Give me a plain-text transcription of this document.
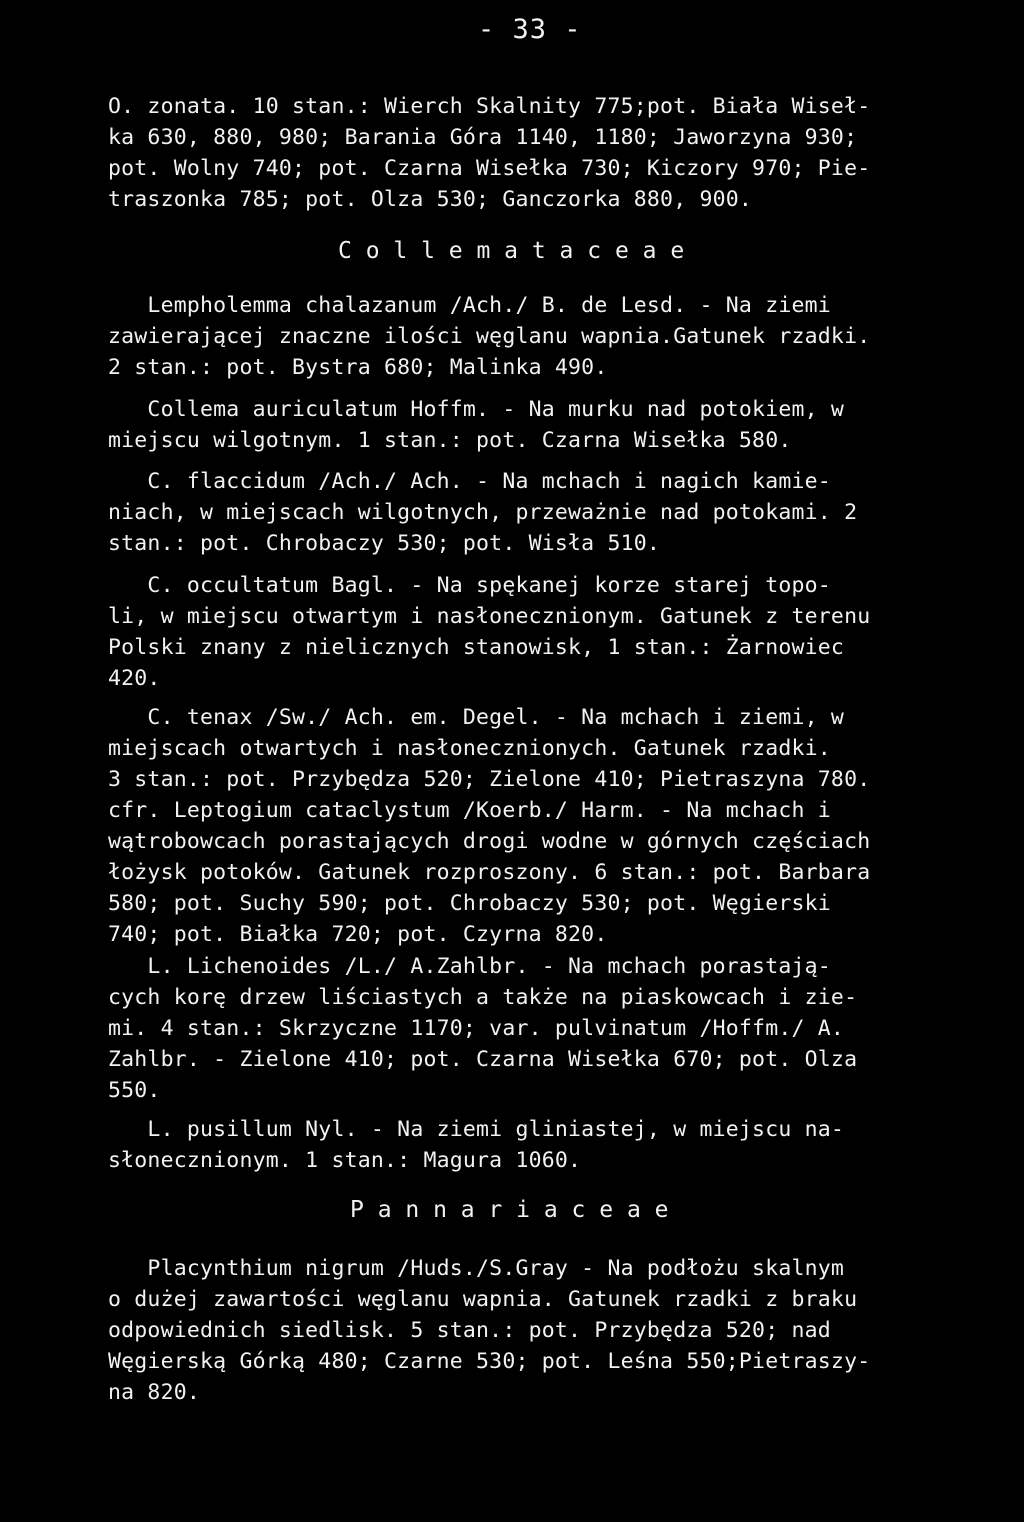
- 33 -
O. zonata. 10 stan.: Wierch Skalnity 775;pot. Biała Wiseł-
ka 630, 880, 980; Barania Góra 1140, 1180; Jaworzyna 930;
pot. Wolny 740; pot. Czarna Wisełka 730; Kiczory 970; Pie-
traszonka 785; pot. Olza 530; Ganczorka 880, 900.
C o l l e m a t a c e a e
Lempholemma chalazanum /Ach./ B. de Lesd. - Na ziemi
zawierającej znaczne ilości węglanu wapnia.Gatunek rzadki.
2 stan.: pot. Bystra 680; Malinka 490.
Collema auriculatum Hoffm. - Na murku nad potokiem, w
miejscu wilgotnym. 1 stan.: pot. Czarna Wisełka 580.
C. flaccidum /Ach./ Ach. - Na mchach i nagich kamie-
niach, w miejscach wilgotnych, przeważnie nad potokami. 2
stan.: pot. Chrobaczy 530; pot. Wisła 510.
C. occultatum Bagl. - Na spękanej korze starej topo-
li, w miejscu otwartym i nasłonecznionym. Gatunek z terenu
Polski znany z nielicznych stanowisk, 1 stan.: Żarnowiec
420.
C. tenax /Sw./ Ach. em. Degel. - Na mchach i ziemi, w
miejscach otwartych i nasłonecznionych. Gatunek rzadki.
3 stan.: pot. Przybędza 520; Zielone 410; Pietraszyna 780.
cfr. Leptogium cataclystum /Koerb./ Harm. - Na mchach i
wątrobowcach porastających drogi wodne w górnych częściach
łożysk potoków. Gatunek rozproszony. 6 stan.: pot. Barbara
580; pot. Suchy 590; pot. Chrobaczy 530; pot. Węgierski
740; pot. Białka 720; pot. Czyrna 820.
L. Lichenoides /L./ A.Zahlbr. - Na mchach porastają-
cych korę drzew liściastych a także na piaskowcach i zie-
mi. 4 stan.: Skrzyczne 1170; var. pulvinatum /Hoffm./ A.
Zahlbr. - Zielone 410; pot. Czarna Wisełka 670; pot. Olza
550.
L. pusillum Nyl. - Na ziemi gliniastej, w miejscu na-
słonecznionym. 1 stan.: Magura 1060.
P a n n a r i a c e a e
Placynthium nigrum /Huds./S.Gray - Na podłożu skalnym
o dużej zawartości węglanu wapnia. Gatunek rzadki z braku
odpowiednich siedlisk. 5 stan.: pot. Przybędza 520; nad
Węgierską Górką 480; Czarne 530; pot. Leśna 550;Pietraszy-
na 820.
